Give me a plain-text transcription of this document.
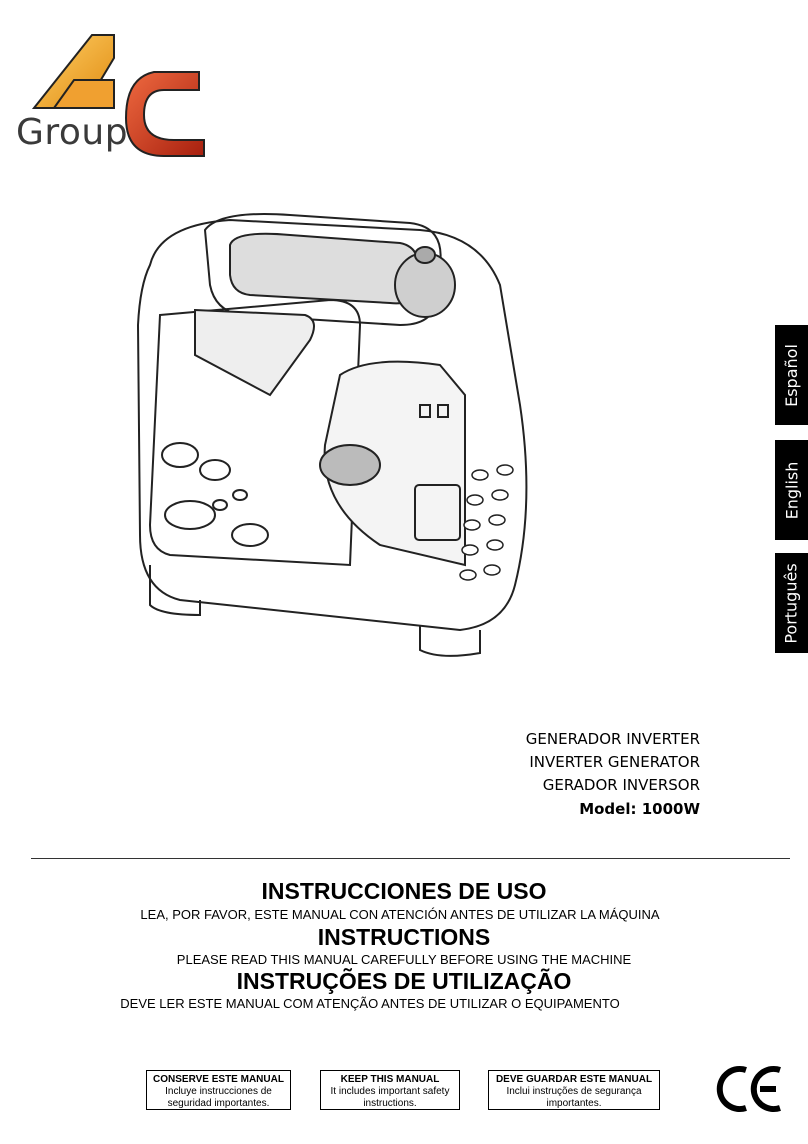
Group
Español
English
Português
GENERADOR INVERTER
INVERTER GENERATOR
GERADOR INVERSOR
Model: 1000W
INSTRUCCIONES DE USO
LEA, POR FAVOR, ESTE MANUAL CON ATENCIÓN ANTES DE UTILIZAR LA MÁQUINA
INSTRUCTIONS
PLEASE READ THIS MANUAL CAREFULLY BEFORE USING THE MACHINE
INSTRUÇÕES DE UTILIZAÇÃO
DEVE LER ESTE MANUAL COM ATENÇÃO ANTES DE UTILIZAR O EQUIPAMENTO
CONSERVE ESTE MANUAL
Incluye instrucciones de seguridad importantes.
KEEP THIS MANUAL
It includes important safety instructions.
DEVE GUARDAR ESTE MANUAL
Inclui instruções de segurança importantes.
